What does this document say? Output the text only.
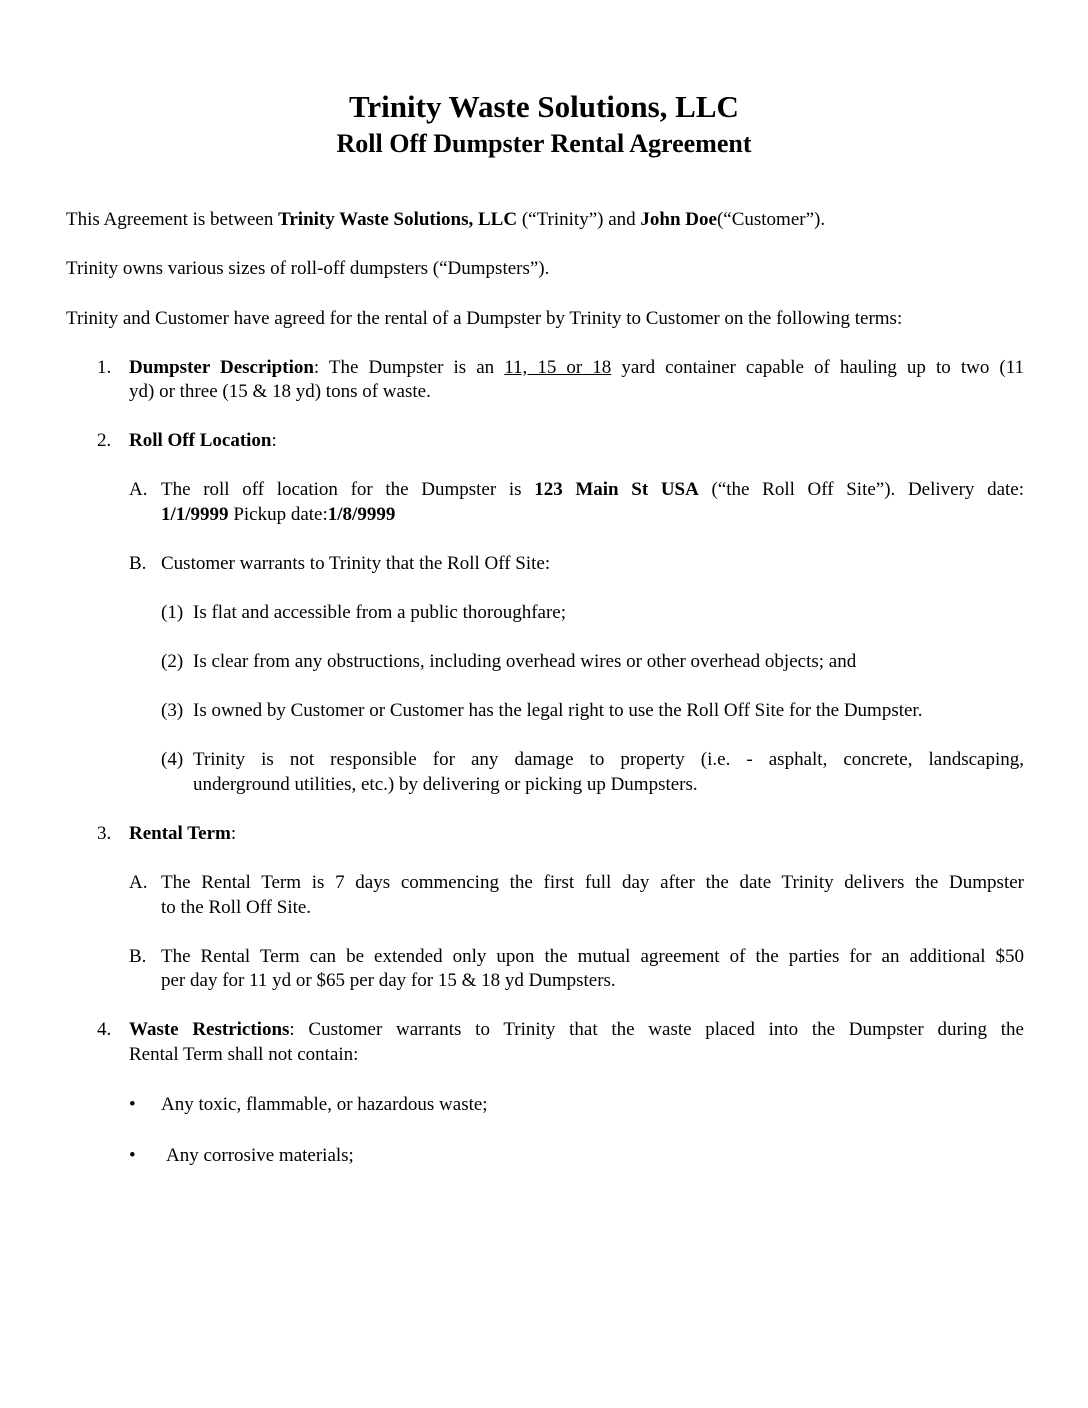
Trinity Waste Solutions, LLC
Roll Off Dumpster Rental Agreement
This Agreement is between Trinity Waste Solutions, LLC (“Trinity”) and John Doe(“Customer”).
Trinity owns various sizes of roll-off dumpsters (“Dumpsters”).
Trinity and Customer have agreed for the rental of a Dumpster by Trinity to Customer on the following terms:
1. Dumpster Description: The Dumpster is an 11, 15 or 18 yard container capable of hauling up to two (11
yd) or three (15 & 18 yd) tons of waste.
2. Roll Off Location:
A. The roll off location for the Dumpster is 123 Main St USA (“the Roll Off Site”). Delivery date:
1/1/9999 Pickup date:1/8/9999
B. Customer warrants to Trinity that the Roll Off Site:
(1) Is flat and accessible from a public thoroughfare;
(2) Is clear from any obstructions, including overhead wires or other overhead objects; and
(3) Is owned by Customer or Customer has the legal right to use the Roll Off Site for the Dumpster.
(4) Trinity is not responsible for any damage to property (i.e. - asphalt, concrete, landscaping,
underground utilities, etc.) by delivering or picking up Dumpsters.
3. Rental Term:
A. The Rental Term is 7 days commencing the first full day after the date Trinity delivers the Dumpster
to the Roll Off Site.
B. The Rental Term can be extended only upon the mutual agreement of the parties for an additional $50
per day for 11 yd or $65 per day for 15 & 18 yd Dumpsters.
4. Waste Restrictions: Customer warrants to Trinity that the waste placed into the Dumpster during the
Rental Term shall not contain:
• Any toxic, flammable, or hazardous waste;
• Any corrosive materials;
